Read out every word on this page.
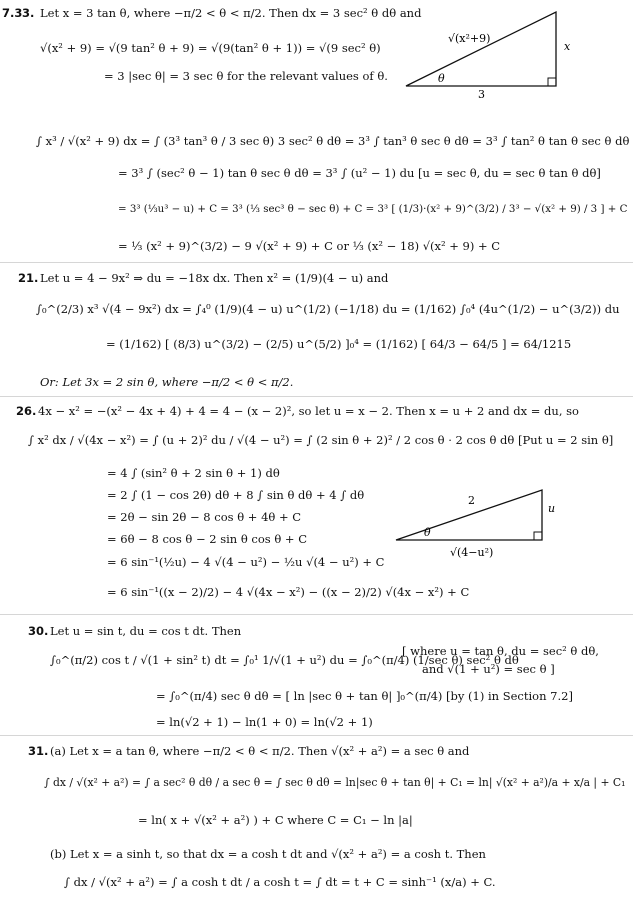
7.3 3. Let x = 3 tan θ, where −π/2 < θ < π/2. Then dx = 3 sec² θ dθ and
√(x² + 9) = √(9 tan² θ + 9) = √(9(tan² θ + 1)) = √(9 sec² θ)
= 3 |sec θ| = 3 sec θ for the relevant values of θ.
√(x²+9)
x
3
θ
∫ x³ / √(x² + 9) dx = ∫ (3³ tan³ θ / 3 sec θ) 3 sec² θ dθ = 3³ ∫ tan³ θ sec θ dθ = 3³ ∫ tan² θ tan θ sec θ dθ
= 3³ ∫ (sec² θ − 1) tan θ sec θ dθ = 3³ ∫ (u² − 1) du [u = sec θ, du = sec θ tan θ dθ]
= 3³ (⅓u³ − u) + C = 3³ (⅓ sec³ θ − sec θ) + C = 3³ [ (1/3)·(x² + 9)^(3/2) / 3³ − √(x² + 9) / 3 ] + C
= ⅓ (x² + 9)^(3/2) − 9 √(x² + 9) + C or ⅓ (x² − 18) √(x² + 9) + C
21. Let u = 4 − 9x² ⇒ du = −18x dx. Then x² = (1/9)(4 − u) and
∫₀^(2/3) x³ √(4 − 9x²) dx = ∫₄⁰ (1/9)(4 − u) u^(1/2) (−1/18) du = (1/162) ∫₀⁴ (4u^(1/2) − u^(3/2)) du
= (1/162) [ (8/3) u^(3/2) − (2/5) u^(5/2) ]₀⁴ = (1/162) [ 64/3 − 64/5 ] = 64/1215
Or: Let 3x = 2 sin θ, where −π/2 < θ < π/2.
26. 4x − x² = −(x² − 4x + 4) + 4 = 4 − (x − 2)², so let u = x − 2. Then x = u + 2 and dx = du, so
∫ x² dx / √(4x − x²) = ∫ (u + 2)² du / √(4 − u²) = ∫ (2 sin θ + 2)² / 2 cos θ · 2 cos θ dθ [Put u = 2 sin θ]
= 4 ∫ (sin² θ + 2 sin θ + 1) dθ
= 2 ∫ (1 − cos 2θ) dθ + 8 ∫ sin θ dθ + 4 ∫ dθ
= 2θ − sin 2θ − 8 cos θ + 4θ + C
= 6θ − 8 cos θ − 2 sin θ cos θ + C
= 6 sin⁻¹(½u) − 4 √(4 − u²) − ½u √(4 − u²) + C
= 6 sin⁻¹((x − 2)/2) − 4 √(4x − x²) − ((x − 2)/2) √(4x − x²) + C
2
u
√(4−u²)
θ
30. Let u = sin t, du = cos t dt. Then
∫₀^(π/2) cos t / √(1 + sin² t) dt = ∫₀¹ 1/√(1 + u²) du = ∫₀^(π/4) (1/sec θ) sec² θ dθ
[ where u = tan θ, du = sec² θ dθ,
and √(1 + u²) = sec θ ]
= ∫₀^(π/4) sec θ dθ = [ ln |sec θ + tan θ| ]₀^(π/4) [by (1) in Section 7.2]
= ln(√2 + 1) − ln(1 + 0) = ln(√2 + 1)
31. (a) Let x = a tan θ, where −π/2 < θ < π/2. Then √(x² + a²) = a sec θ and
∫ dx / √(x² + a²) = ∫ a sec² θ dθ / a sec θ = ∫ sec θ dθ = ln|sec θ + tan θ| + C₁ = ln| √(x² + a²)/a + x/a | + C₁
= ln( x + √(x² + a²) ) + C where C = C₁ − ln |a|
(b) Let x = a sinh t, so that dx = a cosh t dt and √(x² + a²) = a cosh t. Then
∫ dx / √(x² + a²) = ∫ a cosh t dt / a cosh t = ∫ dt = t + C = sinh⁻¹ (x/a) + C.
